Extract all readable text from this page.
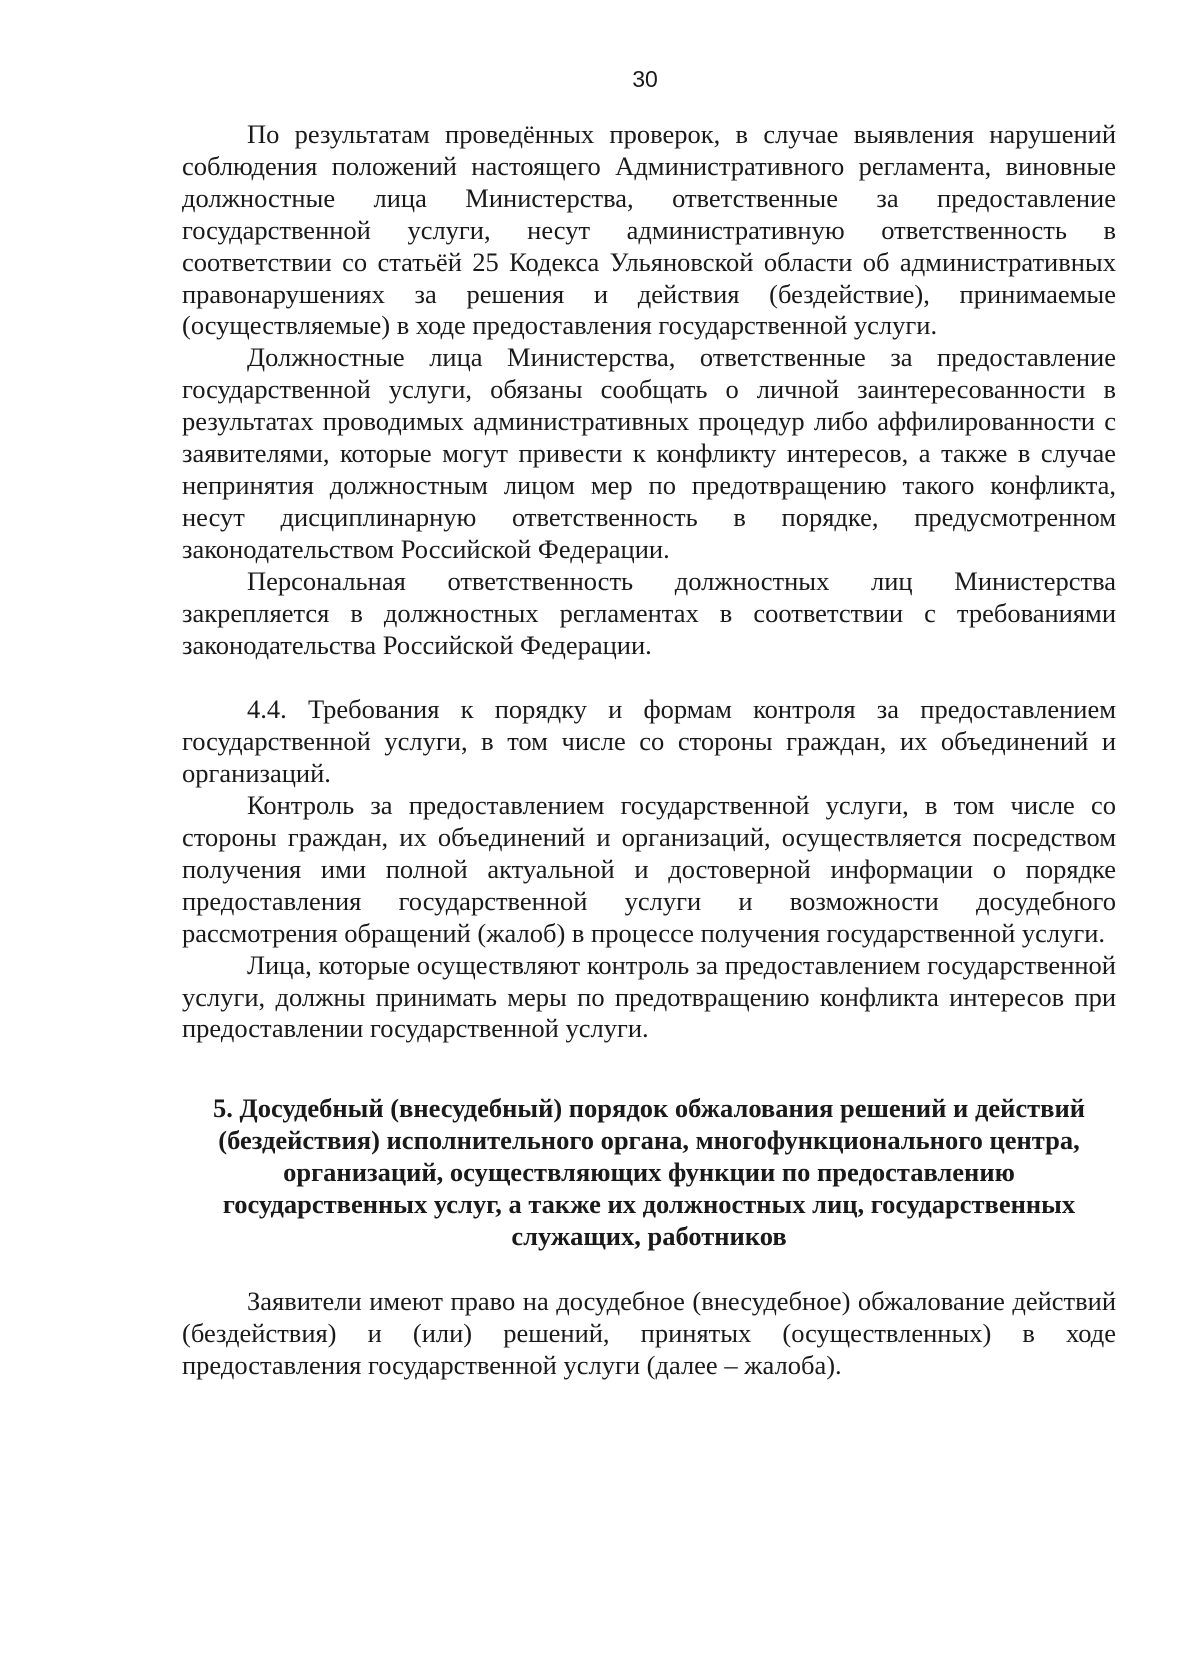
30

По результатам проведённых проверок, в случае выявления нарушений соблюдения положений настоящего Административного регламента, виновные должностные лица Министерства, ответственные за предоставление государственной услуги, несут административную ответственность в соответствии со статьёй 25 Кодекса Ульяновской области об административных правонарушениях за решения и действия (бездействие), принимаемые (осуществляемые) в ходе предоставления государственной услуги.

Должностные лица Министерства, ответственные за предоставление государственной услуги, обязаны сообщать о личной заинтересованности в результатах проводимых административных процедур либо аффилированности с заявителями, которые могут привести к конфликту интересов, а также в случае непринятия должностным лицом мер по предотвращению такого конфликта, несут дисциплинарную ответственность в порядке, предусмотренном законодательством Российской Федерации.

Персональная ответственность должностных лиц Министерства закрепляется в должностных регламентах в соответствии с требованиями законодательства Российской Федерации.

4.4. Требования к порядку и формам контроля за предоставлением государственной услуги, в том числе со стороны граждан, их объединений и организаций.

Контроль за предоставлением государственной услуги, в том числе со стороны граждан, их объединений и организаций, осуществляется посредством получения ими полной актуальной и достоверной информации о порядке предоставления государственной услуги и возможности досудебного рассмотрения обращений (жалоб) в процессе получения государственной услуги.

Лица, которые осуществляют контроль за предоставлением государственной услуги, должны принимать меры по предотвращению конфликта интересов при предоставлении государственной услуги.

5. Досудебный (внесудебный) порядок обжалования решений и действий (бездействия) исполнительного органа, многофункционального центра, организаций, осуществляющих функции по предоставлению государственных услуг, а также их должностных лиц, государственных служащих, работников

Заявители имеют право на досудебное (внесудебное) обжалование действий (бездействия) и (или) решений, принятых (осуществленных) в ходе предоставления государственной услуги (далее – жалоба).
